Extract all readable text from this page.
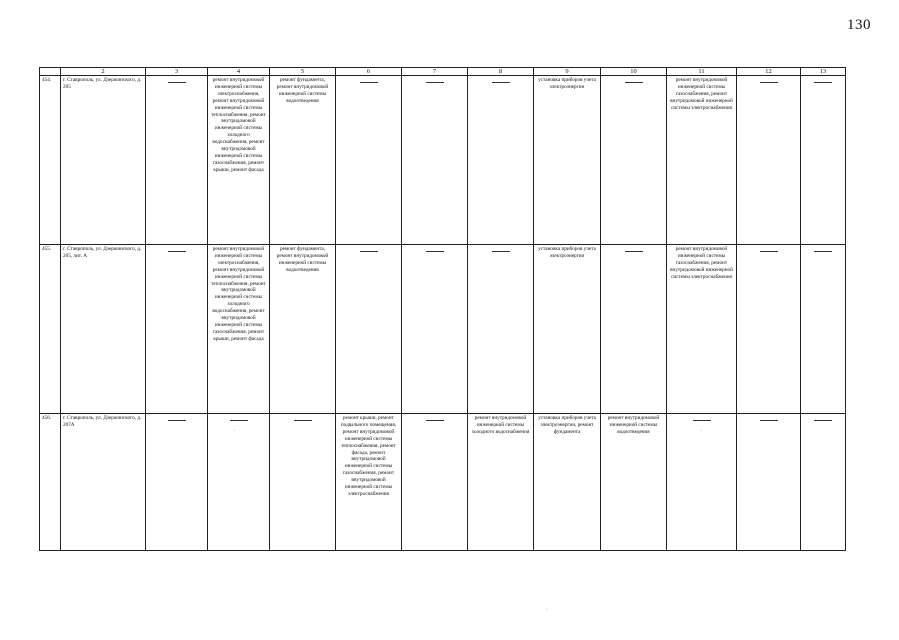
130
	2	3	4	5	6	7	8	9	10	11	12	13
454.	г. Ставрополь, ул. Дзержинского, д. 205		ремонт внутридомовой инженерной системы электроснабжения, ремонт внутридомовой инженерной системы теплоснабжения, ремонт внутридомовой инженерной системы холодного водоснабжения, ремонт внутридомовой инженерной системы газоснабжения, ремонт крыши, ремонт фасада	ремонт фундамента, ремонт внутридомовой инженерной системы водоотведения				установка приборов учета электроэнергии		ремонт внутридомовой инженерной системы газоснабжения, ремонт внутридомовой инженерной системы электроснабжения	

455.	г. Ставрополь, ул. Дзержинского, д. 205, лит. А		ремонт внутридомовой инженерной системы электроснабжения, ремонт внутридомовой инженерной системы теплоснабжения, ремонт внутридомовой инженерной системы холодного водоснабжения, ремонт внутридомовой инженерной системы газоснабжения, ремонт крыши, ремонт фасада	ремонт фундамента, ремонт внутридомовой инженерной системы водоотведения				установка приборов учета электроэнергии		ремонт внутридомовой инженерной системы газоснабжения, ремонт внутридомовой инженерной системы электроснабжения	

456.	г. Ставрополь, ул. Дзержинского, д. 207А				ремонт крыши, ремонт подвального помещения, ремонт внутридомовой инженерной системы теплоснабжения, ремонт фасада, ремонт внутридомовой инженерной системы газоснабжения, ремонт внутридомовой инженерной системы электроснабжения		ремонт внутридомовой инженерной системы холодного водоснабжения	установка приборов учета электроэнергии, ремонт фундамента	ремонт внутридомовой инженерной системы водоотведения	

·	·
·
